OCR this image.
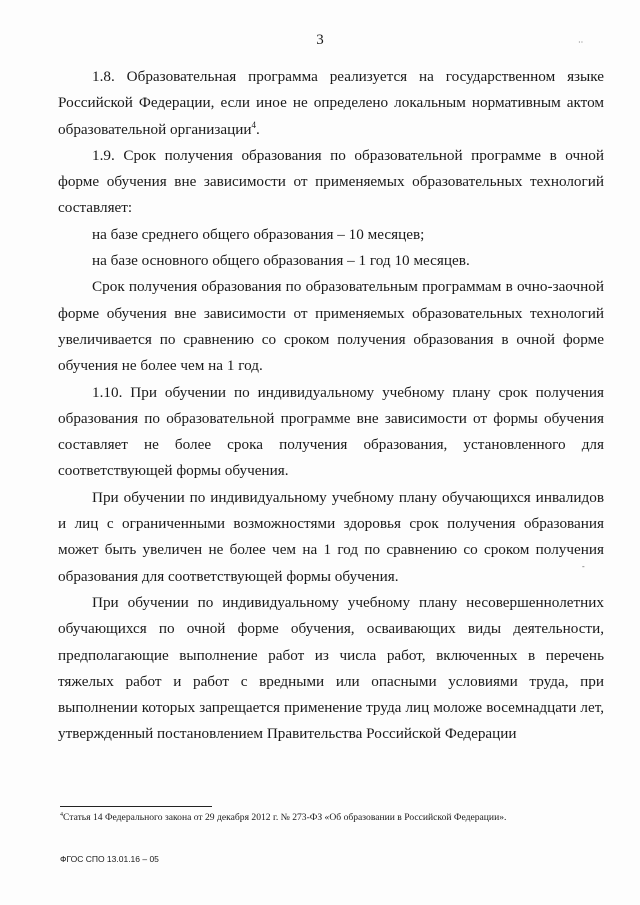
3

1.8. Образовательная программа реализуется на государственном языке Российской Федерации, если иное не определено локальным нормативным актом образовательной организации$^4$.

1.9. Срок получения образования по образовательной программе в очной форме обучения вне зависимости от применяемых образовательных технологий составляет:

на базе среднего общего образования – 10 месяцев;

на базе основного общего образования – 1 год 10 месяцев.

Срок получения образования по образовательным программам в очно-заочной форме обучения вне зависимости от применяемых образовательных технологий увеличивается по сравнению со сроком получения образования в очной форме обучения не более чем на 1 год.

1.10. При обучении по индивидуальному учебному плану срок получения образования по образовательной программе вне зависимости от формы обучения составляет не более срока получения образования, установленного для соответствующей формы обучения.

При обучении по индивидуальному учебному плану обучающихся инвалидов и лиц с ограниченными возможностями здоровья срок получения образования может быть увеличен не более чем на 1 год по сравнению со сроком получения образования для соответствующей формы обучения.

При обучении по индивидуальному учебному плану несовершеннолетних обучающихся по очной форме обучения, осваивающих виды деятельности, предполагающие выполнение работ из числа работ, включенных в перечень тяжелых работ и работ с вредными или опасными условиями труда, при выполнении которых запрещается применение труда лиц моложе восемнадцати лет, утвержденный постановлением Правительства Российской Федерации

$^4$Статья 14 Федерального закона от 29 декабря 2012 г. № 273-ФЗ «Об образовании в Российской Федерации».
ФГОС СПО 13.01.16 – 05
··
-
